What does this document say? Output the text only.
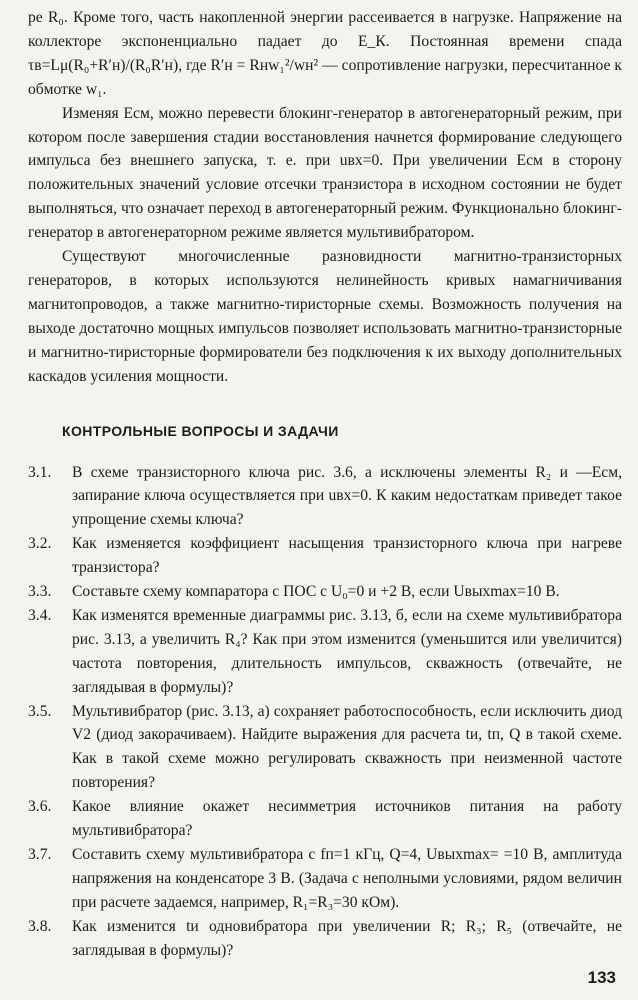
ре R₀. Кроме того, часть накопленной энергии рассеивается в нагрузке. Напряжение на коллекторе экспоненциально падает до E_К. Постоянная времени спада τв=Lμ(R₀+R′н)/(R₀R′н), где R′н = Rнw₁²/wн² — сопротивление нагрузки, пересчитанное к обмотке w₁.

Изменяя Eсм, можно перевести блокинг-генератор в автогенераторный режим, при котором после завершения стадии восстановления начнется формирование следующего импульса без внешнего запуска, т. е. при uвх=0. При увеличении Eсм в сторону положительных значений условие отсечки транзистора в исходном состоянии не будет выполняться, что означает переход в автогенераторный режим. Функционально блокинг-генератор в автогенераторном режиме является мультивибратором.

Существуют многочисленные разновидности магнитно-транзисторных генераторов, в которых используются нелинейность кривых намагничивания магнитопроводов, а также магнитно-тиристорные схемы. Возможность получения на выходе достаточно мощных импульсов позволяет использовать магнитно-транзисторные и магнитно-тиристорные формирователи без подключения к их выходу дополнительных каскадов усиления мощности.

КОНТРОЛЬНЫЕ ВОПРОСЫ И ЗАДАЧИ
3.1.	В схеме транзисторного ключа рис. 3.6, а исключены элементы R₂ и —Eсм, запирание ключа осуществляется при uвх=0. К каким недостаткам приведет такое упрощение схемы ключа?
3.2.	Как изменяется коэффициент насыщения транзисторного ключа при нагреве транзистора?
3.3.	Составьте схему компаратора с ПОС с U₀=0 и +2 В, если Uвыхmax=10 В.
3.4.	Как изменятся временные диаграммы рис. 3.13, б, если на схеме мультивибратора рис. 3.13, а увеличить R₄? Как при этом изменится (уменьшится или увеличится) частота повторения, длительность импульсов, скважность (отвечайте, не заглядывая в формулы)?
3.5.	Мультивибратор (рис. 3.13, а) сохраняет работоспособность, если исключить диод V2 (диод закорачиваем). Найдите выражения для расчета tи, tп, Q в такой схеме. Как в такой схеме можно регулировать скважность при неизменной частоте повторения?
3.6.	Какое влияние окажет несимметрия источников питания на работу мультивибратора?
3.7.	Составить схему мультивибратора с fп=1 кГц, Q=4, Uвыхmax= =10 В, амплитуда напряжения на конденсаторе 3 В. (Задача с неполными условиями, рядом величин при расчете задаемся, например, R₁=R₃=30 кОм).
3.8.	Как изменится tи одновибратора при увеличении R; R₃; R₅ (отвечайте, не заглядывая в формулы)?
133
